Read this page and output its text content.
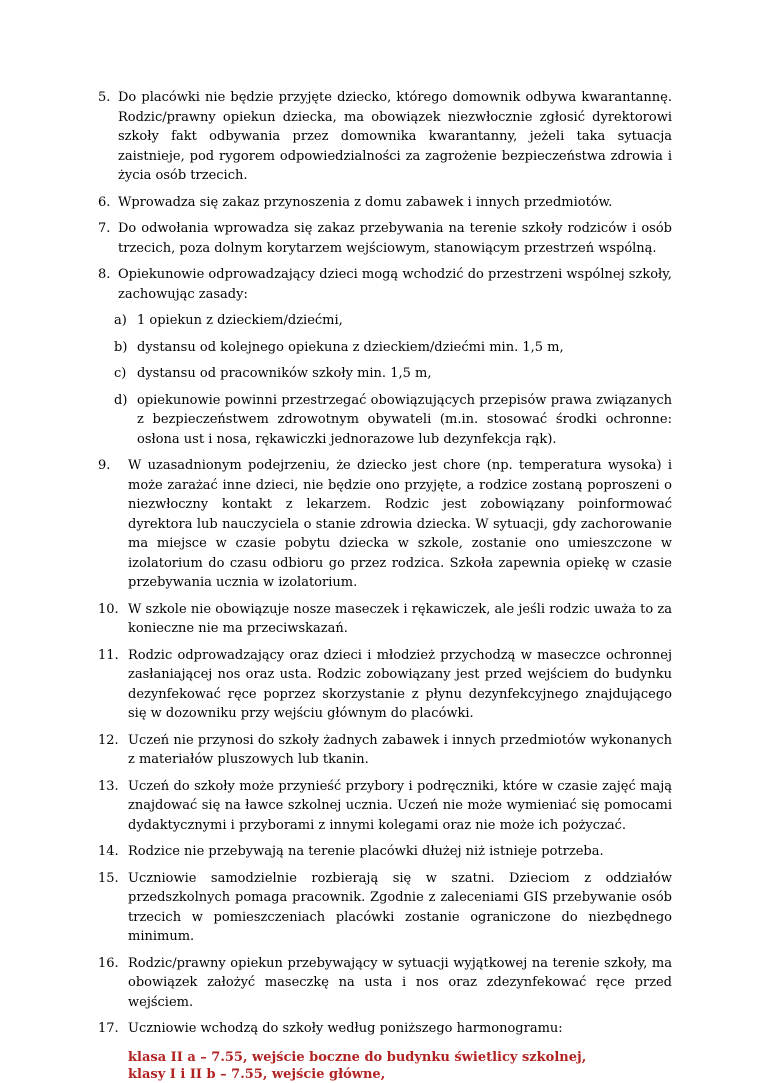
5. Do placówki nie będzie przyjęte dziecko, którego domownik odbywa kwarantannę. Rodzic/prawny opiekun dziecka, ma obowiązek niezwłocznie zgłosić dyrektorowi szkoły fakt odbywania przez domownika kwarantanny, jeżeli taka sytuacja zaistnieje, pod rygorem odpowiedzialności za zagrożenie bezpieczeństwa zdrowia i życia osób trzecich.
6. Wprowadza się zakaz przynoszenia z domu zabawek i innych przedmiotów.
7. Do odwołania wprowadza się zakaz przebywania na terenie szkoły rodziców i osób trzecich, poza dolnym korytarzem wejściowym, stanowiącym przestrzeń wspólną.
8. Opiekunowie odprowadzający dzieci mogą wchodzić do przestrzeni wspólnej szkoły, zachowując zasady:
a) 1 opiekun z dzieckiem/dziećmi,
b) dystansu od kolejnego opiekuna z dzieckiem/dziećmi min. 1,5 m,
c) dystansu od pracowników szkoły min. 1,5 m,
d) opiekunowie powinni przestrzegać obowiązujących przepisów prawa związanych z bezpieczeństwem zdrowotnym obywateli (m.in. stosować środki ochronne: osłona ust i nosa, rękawiczki jednorazowe lub dezynfekcja rąk).
9.	W uzasadnionym podejrzeniu, że dziecko jest chore (np. temperatura wysoka) i może zarażać inne dzieci, nie będzie ono przyjęte, a rodzice zostaną poproszeni o niezwłoczny kontakt z lekarzem. Rodzic jest zobowiązany poinformować dyrektora lub nauczyciela o stanie zdrowia dziecka. W sytuacji, gdy zachorowanie ma miejsce w czasie pobytu dziecka w szkole, zostanie ono umieszczone w izolatorium do czasu odbioru go przez rodzica. Szkoła zapewnia opiekę w czasie przebywania ucznia w izolatorium.
10. W szkole nie obowiązuje nosze maseczek i rękawiczek, ale jeśli rodzic uważa to za konieczne nie ma przeciwskazań.
11. Rodzic odprowadzający oraz dzieci i młodzież przychodzą w maseczce ochronnej zasłaniającej nos oraz usta. Rodzic zobowiązany jest przed wejściem do budynku dezynfekować ręce poprzez skorzystanie z płynu dezynfekcyjnego znajdującego się w dozowniku przy wejściu głównym do placówki.
12. Uczeń nie przynosi do szkoły żadnych zabawek i innych przedmiotów wykonanych z materiałów pluszowych lub tkanin.
13. Uczeń do szkoły może przynieść przybory i podręczniki, które w czasie zajęć mają znajdować się na ławce szkolnej ucznia. Uczeń nie może wymieniać się pomocami dydaktycznymi i przyborami z innymi kolegami oraz nie może ich pożyczać.
14. Rodzice nie przebywają na terenie placówki dłużej niż istnieje potrzeba.
15. Uczniowie samodzielnie rozbierają się w szatni. Dzieciom z oddziałów przedszkolnych pomaga pracownik. Zgodnie z zaleceniami GIS przebywanie osób trzecich w pomieszczeniach placówki zostanie ograniczone do niezbędnego minimum.
16. Rodzic/prawny opiekun przebywający w sytuacji wyjątkowej na terenie szkoły, ma obowiązek założyć maseczkę na usta i nos oraz zdezynfekować ręce przed wejściem.
17. Uczniowie wchodzą do szkoły według poniższego harmonogramu:
klasa II a – 7.55, wejście boczne do budynku świetlicy szkolnej,
klasy I i II b – 7.55, wejście główne,
